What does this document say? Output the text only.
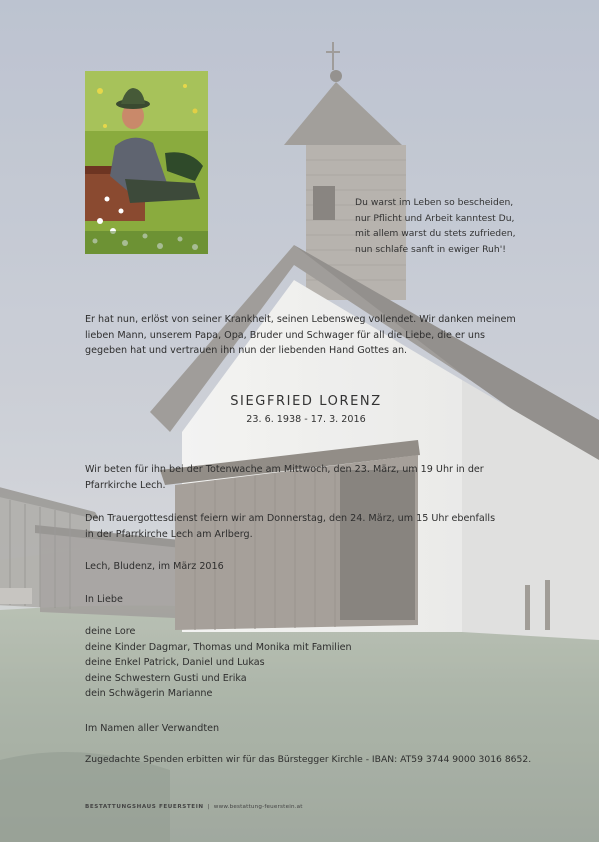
Du warst im Leben so bescheiden,
nur Pflicht und Arbeit kanntest Du,
mit allem warst du stets zufrieden,
nun schlafe sanft in ewiger Ruh'!
Er hat nun, erlöst von seiner Krankheit, seinen Lebensweg vollendet. Wir danken meinem
lieben Mann, unserem Papa, Opa, Bruder und Schwager für all die Liebe, die er uns
gegeben hat und vertrauen ihn nun der liebenden Hand Gottes an.
SIEGFRIED LORENZ
23. 6. 1938 - 17. 3. 2016
Wir beten für ihn bei der Totenwache am Mittwoch, den 23. März, um 19 Uhr in der
Pfarrkirche Lech.
Den Trauergottesdienst feiern wir am Donnerstag, den 24. März, um 15 Uhr ebenfalls
in der Pfarrkirche Lech am Arlberg.
Lech, Bludenz, im März 2016
In Liebe
deine Lore
deine Kinder Dagmar, Thomas und Monika mit Familien
deine Enkel Patrick, Daniel und Lukas
deine Schwestern Gusti und Erika
dein Schwägerin Marianne
Im Namen aller Verwandten
Zugedachte Spenden erbitten wir für das Bürstegger Kirchle - IBAN: AT59 3744 9000 3016 8652.
BESTATTUNGSHAUS FEUERSTEIN | www.bestattung-feuerstein.at
